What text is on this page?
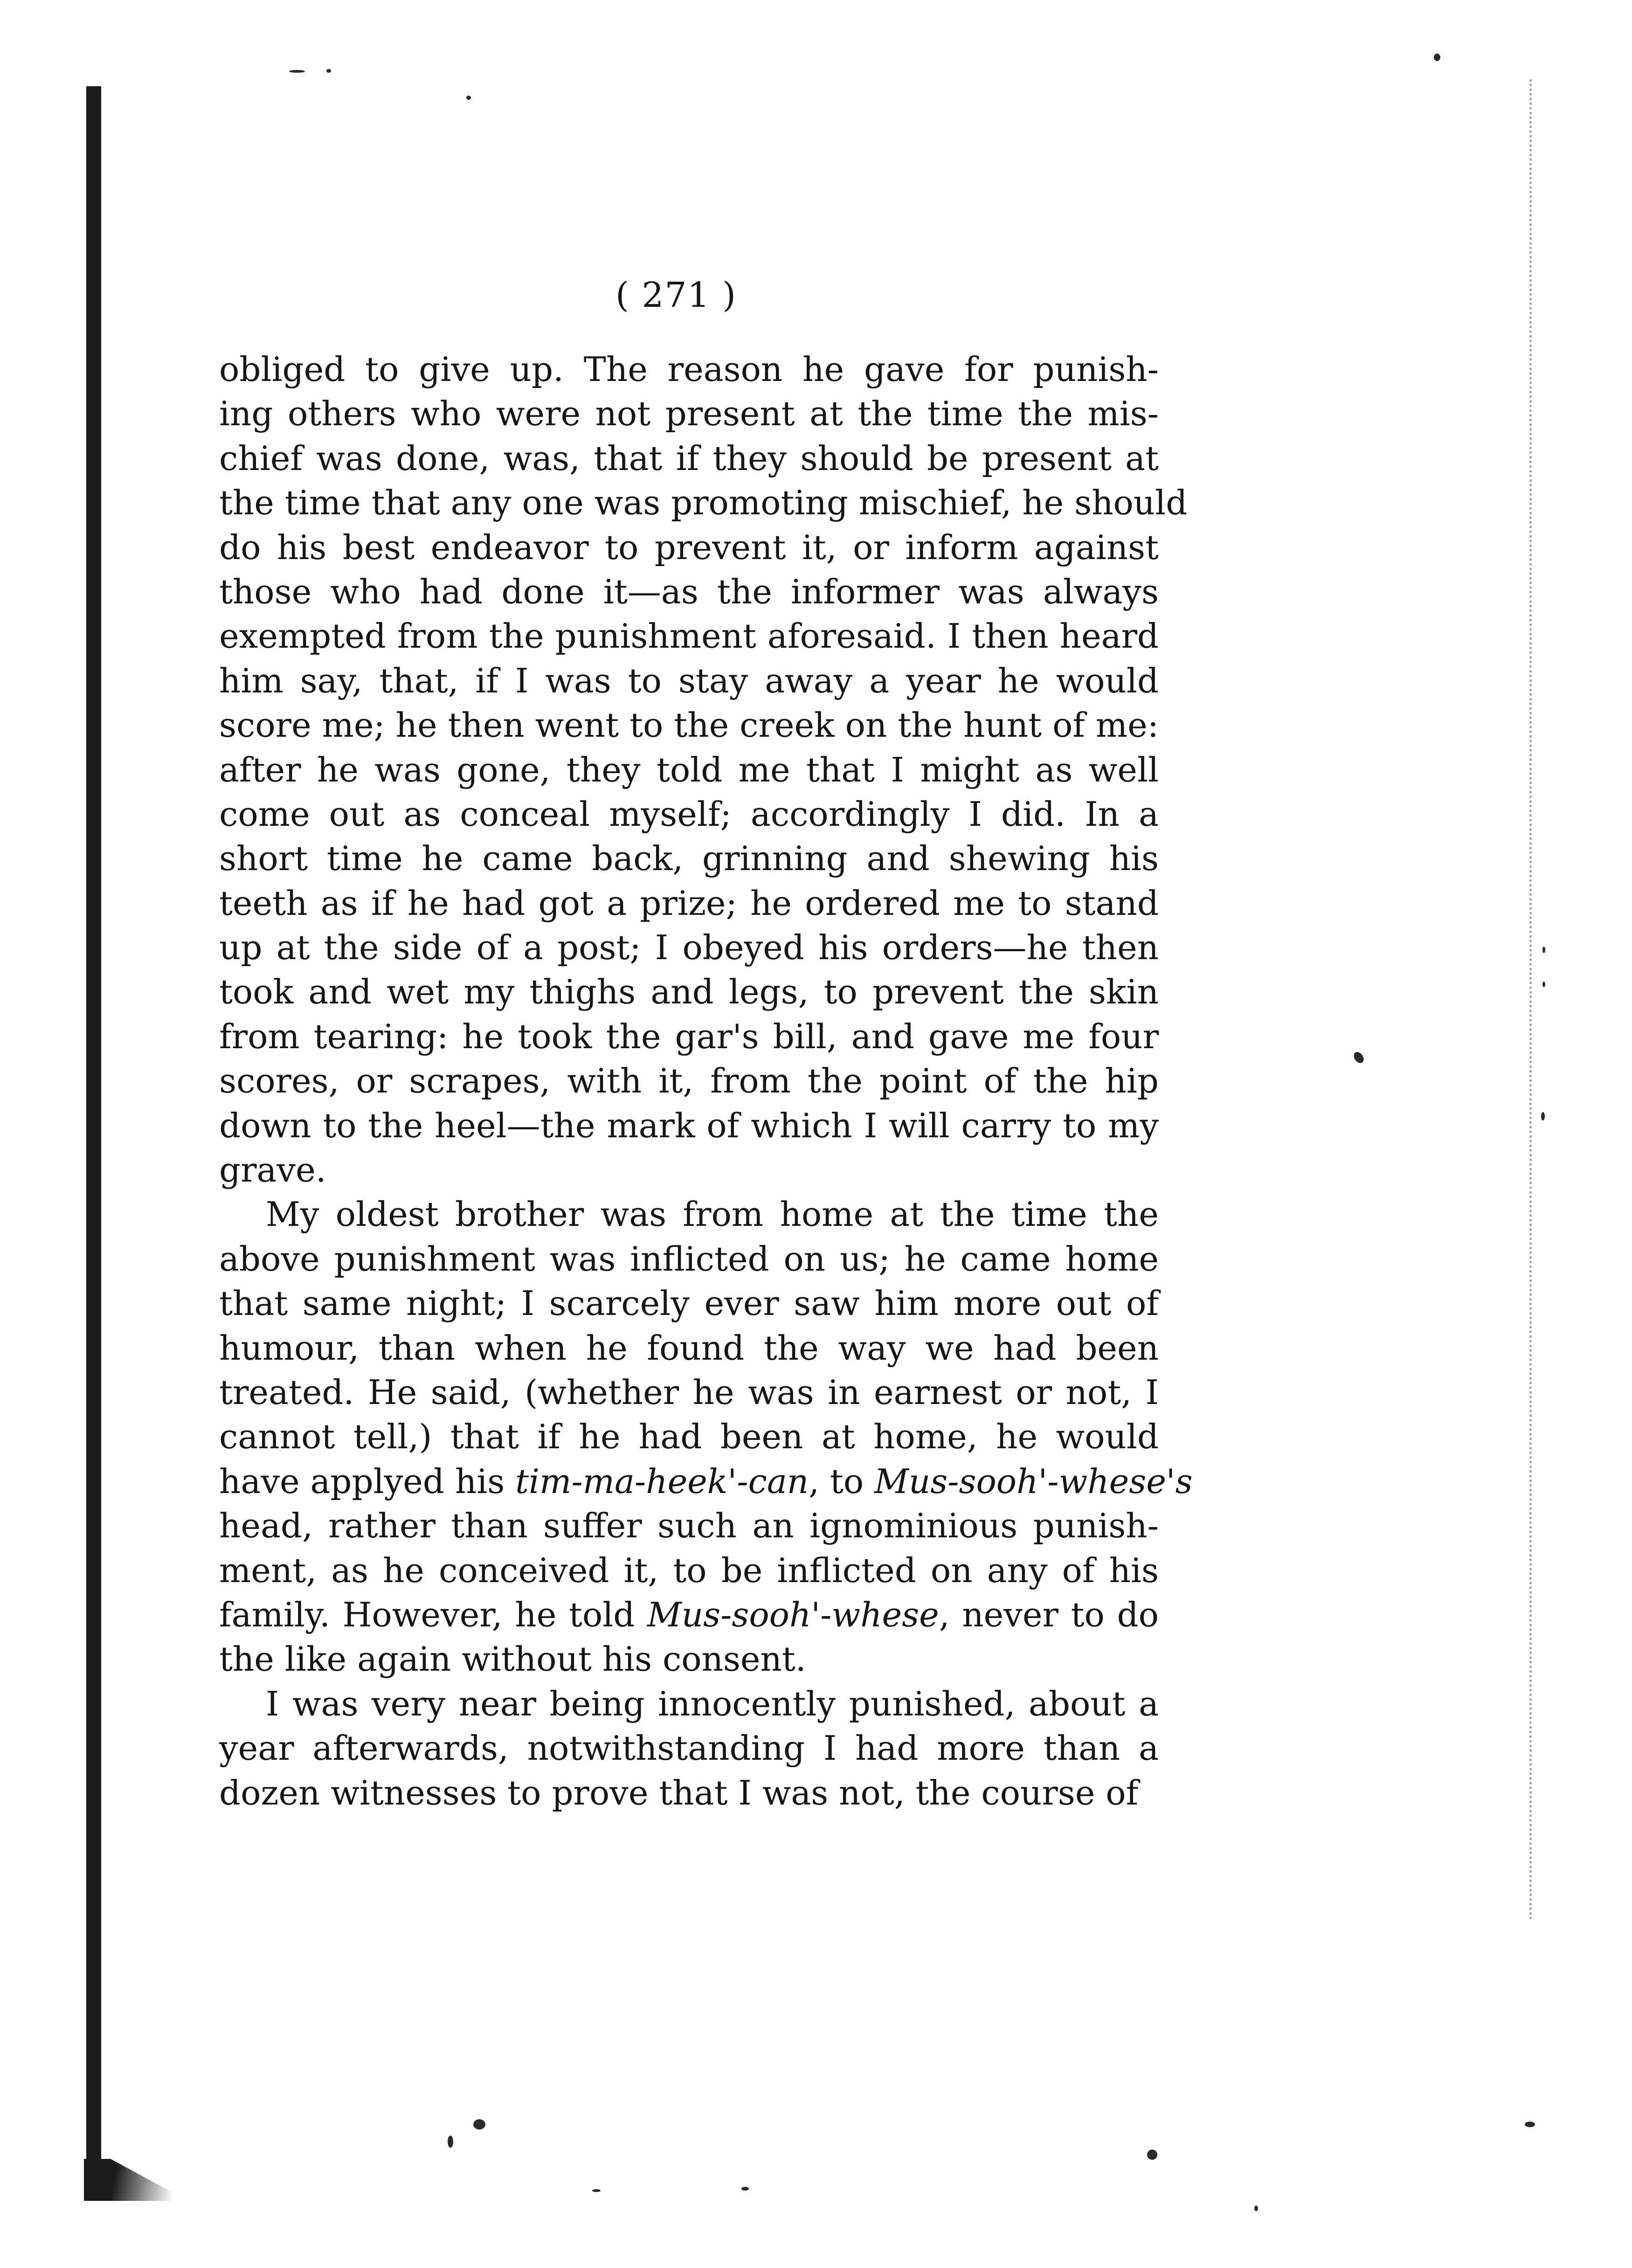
( 271 )
obliged to give up. The reason he gave for punish-
ing others who were not present at the time the mis-
chief was done, was, that if they should be present at
the time that any one was promoting mischief, he should
do his best endeavor to prevent it, or inform against
those who had done it—as the informer was always
exempted from the punishment aforesaid. I then heard
him say, that, if I was to stay away a year he would
score me; he then went to the creek on the hunt of me:
after he was gone, they told me that I might as well
come out as conceal myself; accordingly I did. In a
short time he came back, grinning and shewing his
teeth as if he had got a prize; he ordered me to stand
up at the side of a post; I obeyed his orders—he then
took and wet my thighs and legs, to prevent the skin
from tearing: he took the gar's bill, and gave me four
scores, or scrapes, with it, from the point of the hip
down to the heel—the mark of which I will carry to my
grave.
My oldest brother was from home at the time the
above punishment was inflicted on us; he came home
that same night; I scarcely ever saw him more out of
humour, than when he found the way we had been
treated. He said, (whether he was in earnest or not, I
cannot tell,) that if he had been at home, he would
have applyed his tim-ma-heek'-can, to Mus-sooh'-whese's
head, rather than suffer such an ignominious punish-
ment, as he conceived it, to be inflicted on any of his
family. However, he told Mus-sooh'-whese, never to do
the like again without his consent.
I was very near being innocently punished, about a
year afterwards, notwithstanding I had more than a
dozen witnesses to prove that I was not, the course of
